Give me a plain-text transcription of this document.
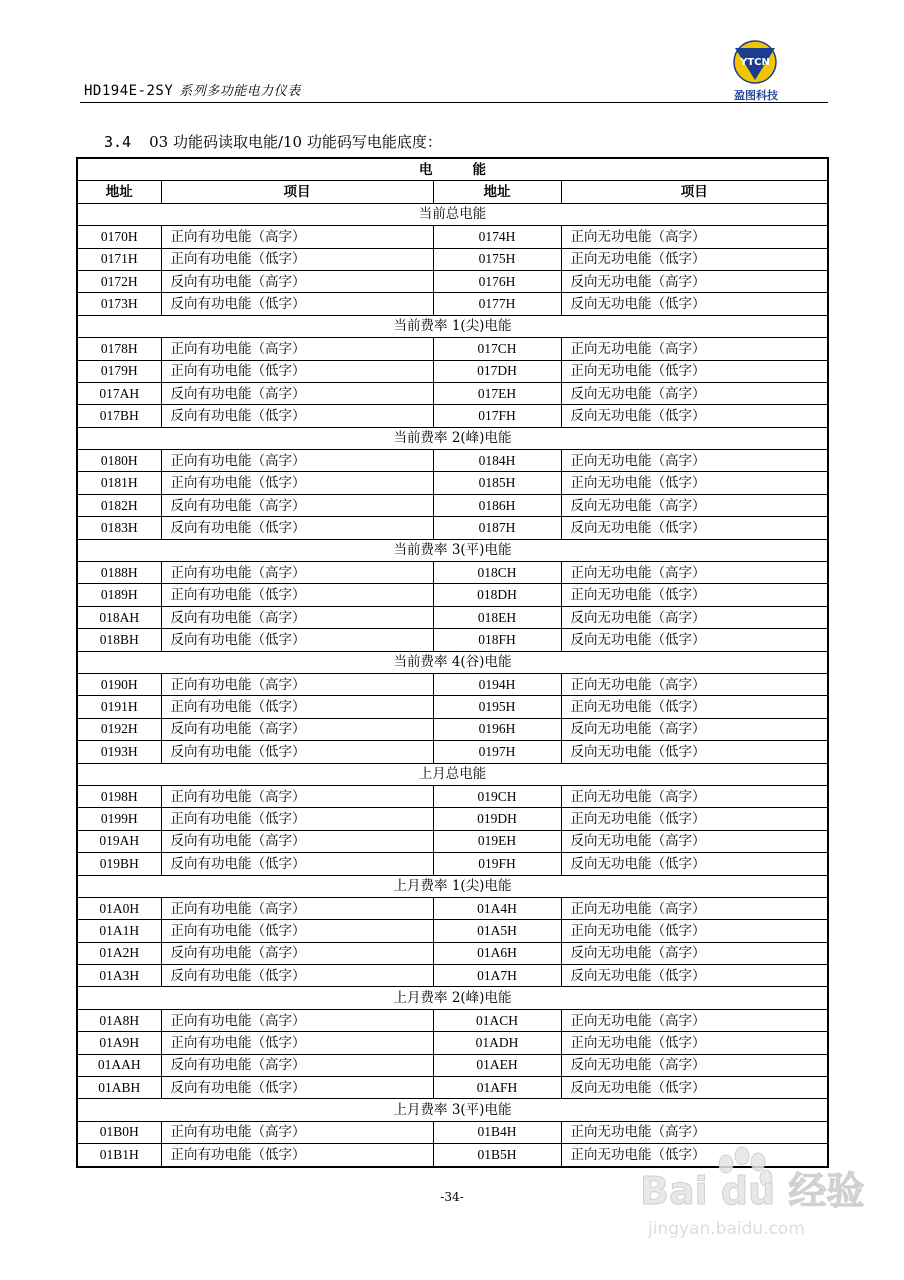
HD194E-2SY 系列多功能电力仪表
YTCN
盈图科技
3.4 03 功能码读取电能/10 功能码写电能底度：
电能			
地址	项目	地址	项目
当前总电能			
0170H	正向有功电能（高字）	0174H	正向无功电能（高字）
0171H	正向有功电能（低字）	0175H	正向无功电能（低字）
0172H	反向有功电能（高字）	0176H	反向无功电能（高字）
0173H	反向有功电能（低字）	0177H	反向无功电能（低字）
当前费率 1(尖)电能			
0178H	正向有功电能（高字）	017CH	正向无功电能（高字）
0179H	正向有功电能（低字）	017DH	正向无功电能（低字）
017AH	反向有功电能（高字）	017EH	反向无功电能（高字）
017BH	反向有功电能（低字）	017FH	反向无功电能（低字）
当前费率 2(峰)电能			
0180H	正向有功电能（高字）	0184H	正向无功电能（高字）
0181H	正向有功电能（低字）	0185H	正向无功电能（低字）
0182H	反向有功电能（高字）	0186H	反向无功电能（高字）
0183H	反向有功电能（低字）	0187H	反向无功电能（低字）
当前费率 3(平)电能			
0188H	正向有功电能（高字）	018CH	正向无功电能（高字）
0189H	正向有功电能（低字）	018DH	正向无功电能（低字）
018AH	反向有功电能（高字）	018EH	反向无功电能（高字）
018BH	反向有功电能（低字）	018FH	反向无功电能（低字）
当前费率 4(谷)电能			
0190H	正向有功电能（高字）	0194H	正向无功电能（高字）
0191H	正向有功电能（低字）	0195H	正向无功电能（低字）
0192H	反向有功电能（高字）	0196H	反向无功电能（高字）
0193H	反向有功电能（低字）	0197H	反向无功电能（低字）
上月总电能			
0198H	正向有功电能（高字）	019CH	正向无功电能（高字）
0199H	正向有功电能（低字）	019DH	正向无功电能（低字）
019AH	反向有功电能（高字）	019EH	反向无功电能（高字）
019BH	反向有功电能（低字）	019FH	反向无功电能（低字）
上月费率 1(尖)电能			
01A0H	正向有功电能（高字）	01A4H	正向无功电能（高字）
01A1H	正向有功电能（低字）	01A5H	正向无功电能（低字）
01A2H	反向有功电能（高字）	01A6H	反向无功电能（高字）
01A3H	反向有功电能（低字）	01A7H	反向无功电能（低字）
上月费率 2(峰)电能			
01A8H	正向有功电能（高字）	01ACH	正向无功电能（高字）
01A9H	正向有功电能（低字）	01ADH	正向无功电能（低字）
01AAH	反向有功电能（高字）	01AEH	反向无功电能（高字）
01ABH	反向有功电能（低字）	01AFH	反向无功电能（低字）
上月费率 3(平)电能			
01B0H	正向有功电能（高字）	01B4H	正向无功电能（高字）
01B1H	正向有功电能（低字）	01B5H	正向无功电能（低字）
-34-	Bai du 经验
jingyan.baidu.com
